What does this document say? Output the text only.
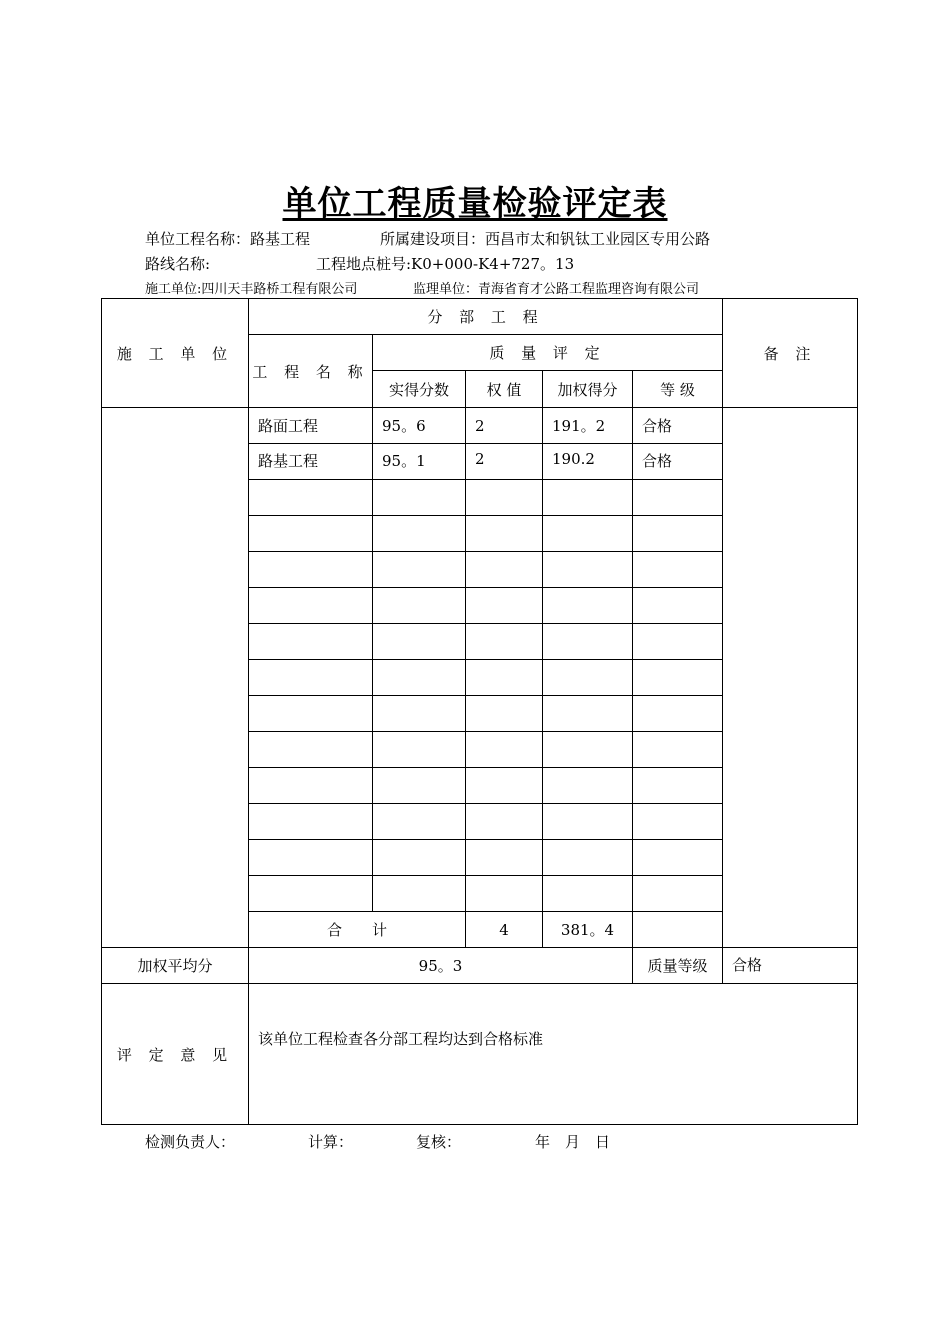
单位工程质量检验评定表
单位工程名称：路基工程	所属建设项目：西昌市太和钒钛工业园区专用公路
路线名称:	工程地点桩号:K0+000-K4+727。13
施工单位:四川天丰路桥工程有限公司	监理单位：青海省育才公路工程监理咨询有限公司
施 工 单 位	分 部 工 程					备 注
	工 程 名 称	质 量 评 定				
		实得分数	权 值	加权得分	等 级	
	路面工程	95。6	2	191。2	合格	
	路基工程	95。1	2	190.2	合格	

	合　　计		4	381。4		
加权平均分	95。3				质量等级	合格
评 定 意 见	该单位工程检查各分部工程均达到合格标准					
检测负责人：	计算：	复核：	年　月　日
